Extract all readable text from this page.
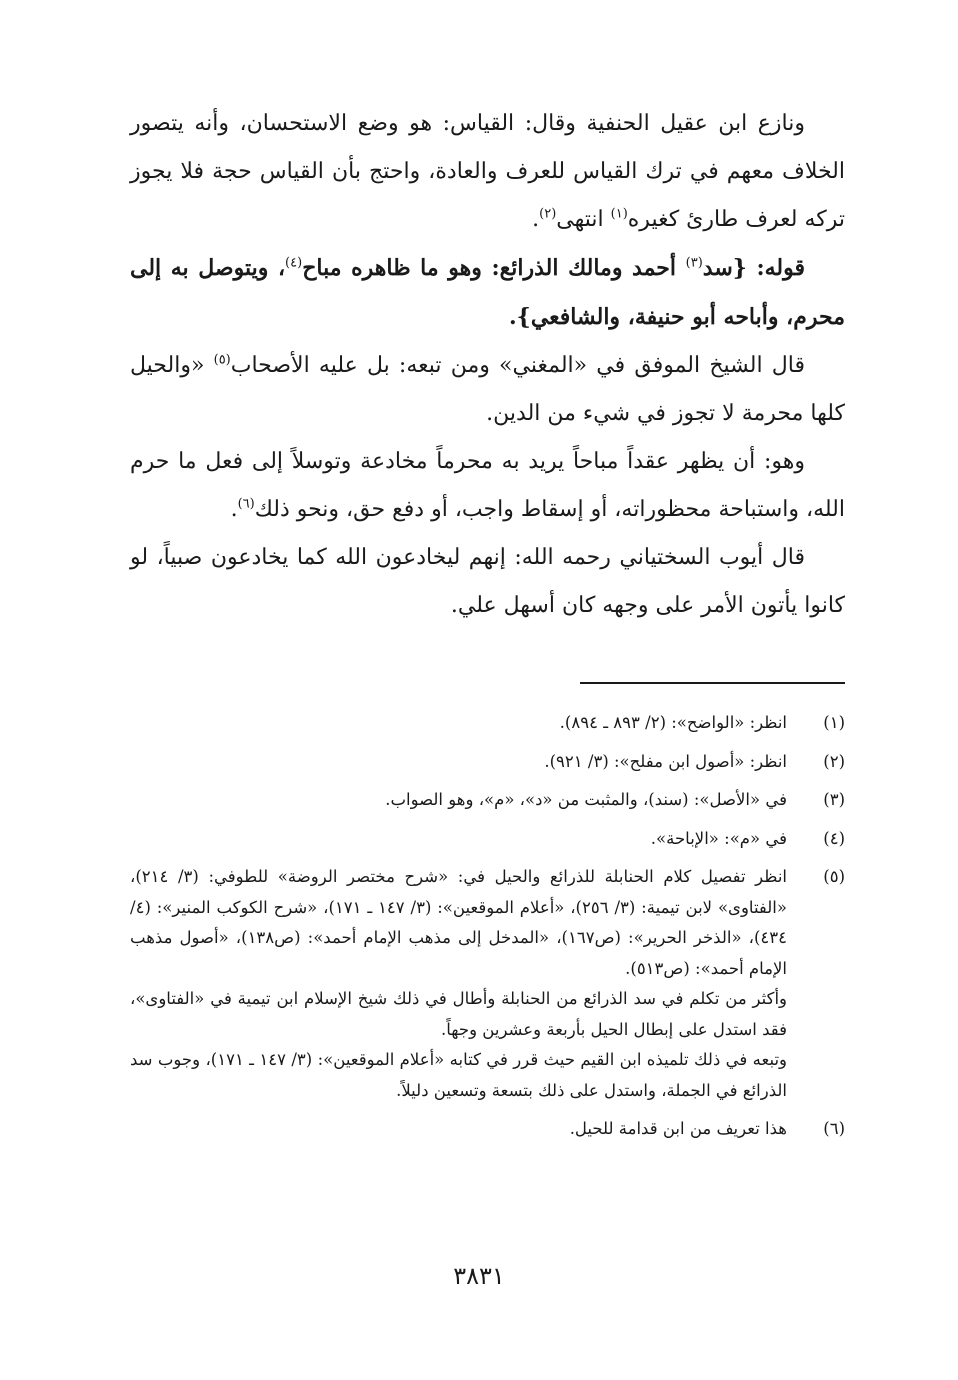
ونازع ابن عقيل الحنفية وقال: القياس: هو وضع الاستحسان، وأنه يتصور الخلاف معهم في ترك القياس للعرف والعادة، واحتج بأن القياس حجة فلا يجوز تركه لعرف طارئ كغيره$^{(١)}$ انتهى$^{(٢)}$.

قوله: {سد$^{(٣)}$ أحمد ومالك الذرائع: وهو ما ظاهره مباح$^{(٤)}$، ويتوصل به إلى محرم، وأباحه أبو حنيفة، والشافعي}.

قال الشيخ الموفق في «المغني» ومن تبعه: بل عليه الأصحاب$^{(٥)}$ «والحيل كلها محرمة لا تجوز في شيء من الدين.

وهو: أن يظهر عقداً مباحاً يريد به محرماً مخادعة وتوسلاً إلى فعل ما حرم الله، واستباحة محظوراته، أو إسقاط واجب، أو دفع حق، ونحو ذلك$^{(٦)}$.

قال أيوب السختياني رحمه الله: إنهم ليخادعون الله كما يخادعون صبياً، لو كانوا يأتون الأمر على وجهه كان أسهل علي.

(١)
انظر: «الواضح»: (٢/ ٨٩٣ ـ ٨٩٤).
(٢)
انظر: «أصول ابن مفلح»: (٣/ ٩٢١).
(٣)
في «الأصل»: (سند)، والمثبت من «د»، «م»، وهو الصواب.
(٤)
في «م»: «الإباحة».
(٥)
انظر تفصيل كلام الحنابلة للذرائع والحيل في: «شرح مختصر الروضة» للطوفي: (٣/ ٢١٤)، «الفتاوى» لابن تيمية: (٣/ ٢٥٦)، «أعلام الموقعين»: (٣/ ١٤٧ ـ ١٧١)، «شرح الكوكب المنير»: (٤/ ٤٣٤)، «الذخر الحرير»: (ص١٦٧)، «المدخل إلى مذهب الإمام أحمد»: (ص١٣٨)، «أصول مذهب الإمام أحمد»: (ص٥١٣).
وأكثر من تكلم في سد الذرائع من الحنابلة وأطال في ذلك شيخ الإسلام ابن تيمية في «الفتاوى»، فقد استدل على إبطال الحيل بأربعة وعشرين وجهاً.
وتبعه في ذلك تلميذه ابن القيم حيث قرر في كتابه «أعلام الموقعين»: (٣/ ١٤٧ ـ ١٧١)، وجوب سد الذرائع في الجملة، واستدل على ذلك بتسعة وتسعين دليلاً.
(٦)
هذا تعريف من ابن قدامة للحيل.
٣٨٣١
